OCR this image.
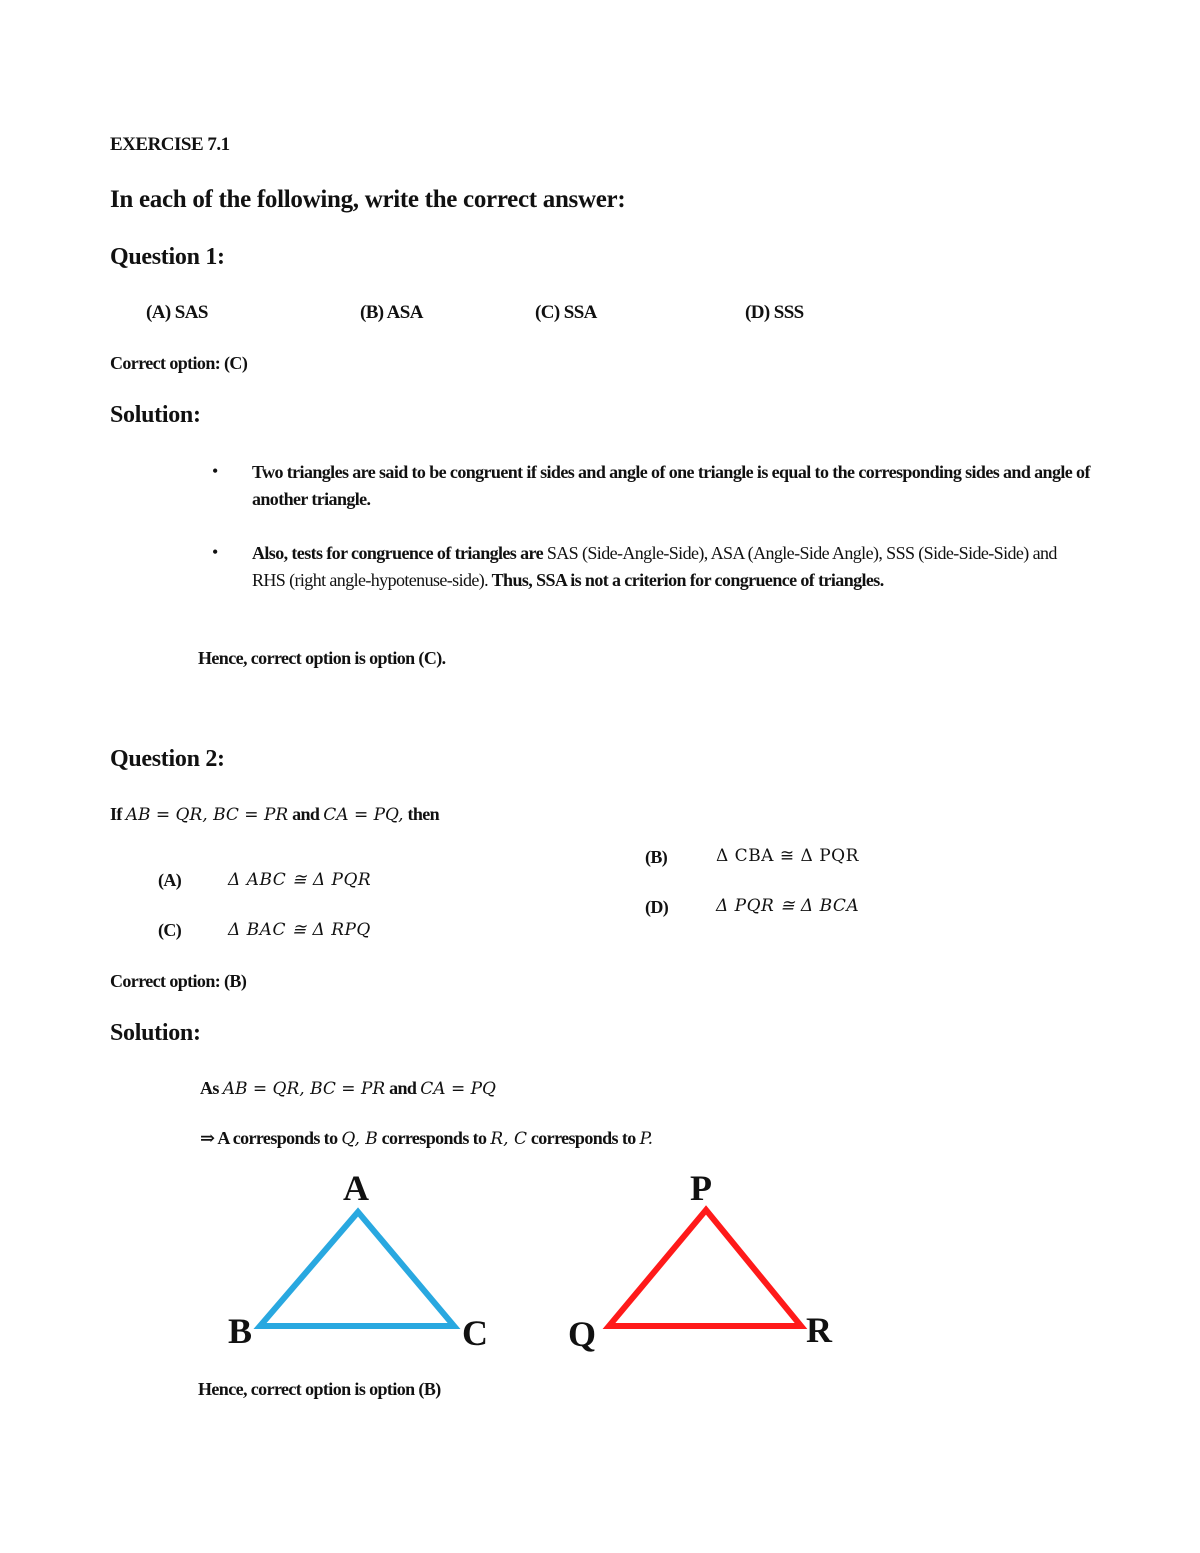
EXERCISE 7.1
In each of the following, write the correct answer:
Question 1:
(A) SAS	(B) ASA	(C) SSA	(D) SSS
Correct option: (C)
Solution:
• Two triangles are said to be congruent if sides and angle of one triangle is equal to the corresponding sides and angle of another triangle.
• Also, tests for congruence of triangles are SAS (Side-Angle-Side), ASA (Angle-Side Angle), SSS (Side-Side-Side) and RHS (right angle-hypotenuse-side). Thus, SSA is not a criterion for congruence of triangles.
Hence, correct option is option (C).
Question 2:
If AB = QR, BC = PR and CA = PQ, then
(B)	Δ CBA ≅ Δ PQR
(A)	Δ ABC ≅ Δ PQR
(D)	Δ PQR ≅ Δ BCA
(C)	Δ BAC ≅ Δ RPQ
Correct option: (B)
Solution:
As AB = QR, BC = PR and CA = PQ
⇒ A corresponds to Q, B corresponds to R, C corresponds to P.
A
B	C
P
Q	R
Hence, correct option is option (B)
